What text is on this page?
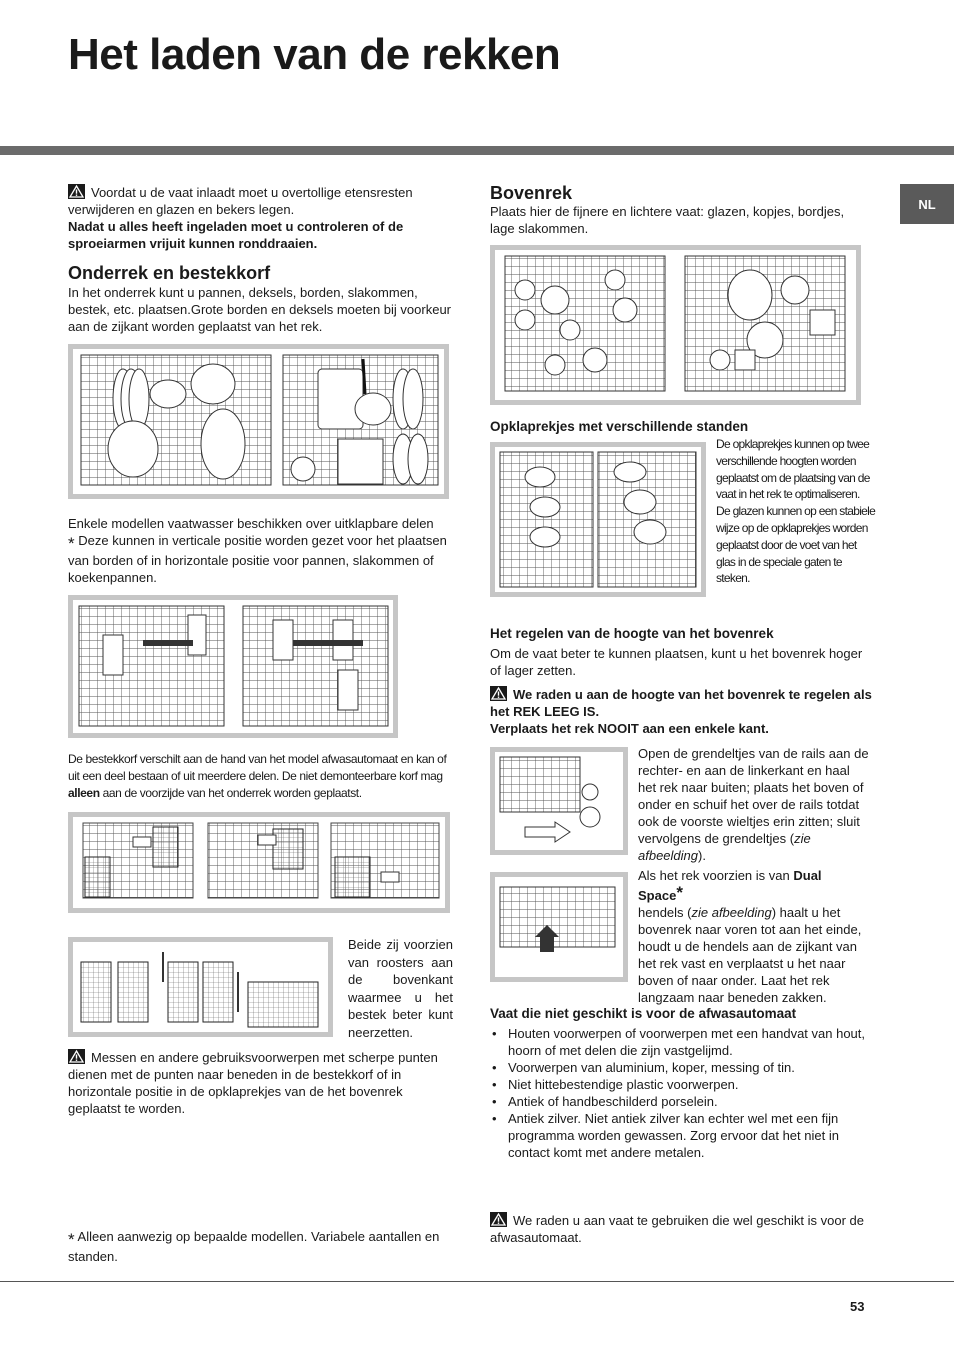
Het laden van de rekken
NL
Voordat u de vaat inlaadt moet u overtollige etensresten verwijderen en glazen en bekers legen.
Nadat u alles heeft ingeladen moet u controleren of de sproeiarmen vrijuit kunnen ronddraaien.
Onderrek en bestekkorf
In het onderrek kunt u pannen, deksels, borden, slakommen, bestek, etc. plaatsen.Grote borden en deksels moeten bij voorkeur aan de zijkant worden geplaatst van het rek.
Enkele modellen vaatwasser beschikken over uitklapbare delen
* Deze kunnen in verticale positie worden gezet voor het plaatsen van borden of in horizontale positie voor pannen, slakommen of koekenpannen.
De bestekkorf verschilt aan de hand van het model afwasautomaat en kan of uit een deel bestaan of uit meerdere delen. De niet demonteerbare korf mag alleen aan de voorzijde van het onderrek worden geplaatst.
Beide zij voorzien van roosters aan de bovenkant waarmee u het bestek beter kunt neerzetten.
Messen en andere gebruiksvoorwerpen met scherpe punten dienen met de punten naar beneden in de bestekkorf of in horizontale positie in de opklaprekjes van de het bovenrek geplaatst te worden.
* Alleen aanwezig op bepaalde modellen. Variabele aantallen en standen.
Bovenrek
Plaats hier de fijnere en lichtere vaat: glazen, kopjes, bordjes, lage slakommen.
Opklaprekjes met verschillende standen
De opklaprekjes kunnen op twee verschillende hoogten worden geplaatst om de plaatsing van de vaat in het rek te optimaliseren. De glazen kunnen op een stabiele wijze op de opklaprekjes worden geplaatst door de voet van het glas in de speciale gaten te steken.
Het regelen van de hoogte van het bovenrek
Om de vaat beter te kunnen plaatsen, kunt u het bovenrek hoger of lager zetten.
We raden u aan de hoogte van het bovenrek te regelen als het REK LEEG IS.
Verplaats het rek NOOIT aan een enkele kant.
Open de grendeltjes van de rails aan de rechter- en aan de linkerkant en haal het rek naar buiten; plaats het boven of onder en schuif het over de rails totdat ook de voorste wieltjes erin zitten; sluit vervolgens de grendeltjes (zie afbeelding).
Als het rek voorzien is van Dual Space*
hendels (zie afbeelding) haalt u het bovenrek naar voren tot aan het einde, houdt u de hendels aan de zijkant van het rek vast en verplaatst u het naar boven of naar onder. Laat het rek langzaam naar beneden zakken.
Vaat die niet geschikt is voor de afwasautomaat
• Houten voorwerpen of voorwerpen met een handvat van hout, hoorn of met delen die zijn vastgelijmd.
• Voorwerpen van aluminium, koper, messing of tin.
• Niet hittebestendige plastic voorwerpen.
• Antiek of handbeschilderd porselein.
• Antiek zilver. Niet antiek zilver kan echter wel met een fijn programma worden gewassen. Zorg ervoor dat het niet in contact komt met andere metalen.
We raden u aan vaat te gebruiken die wel geschikt is voor de afwasautomaat.
53
